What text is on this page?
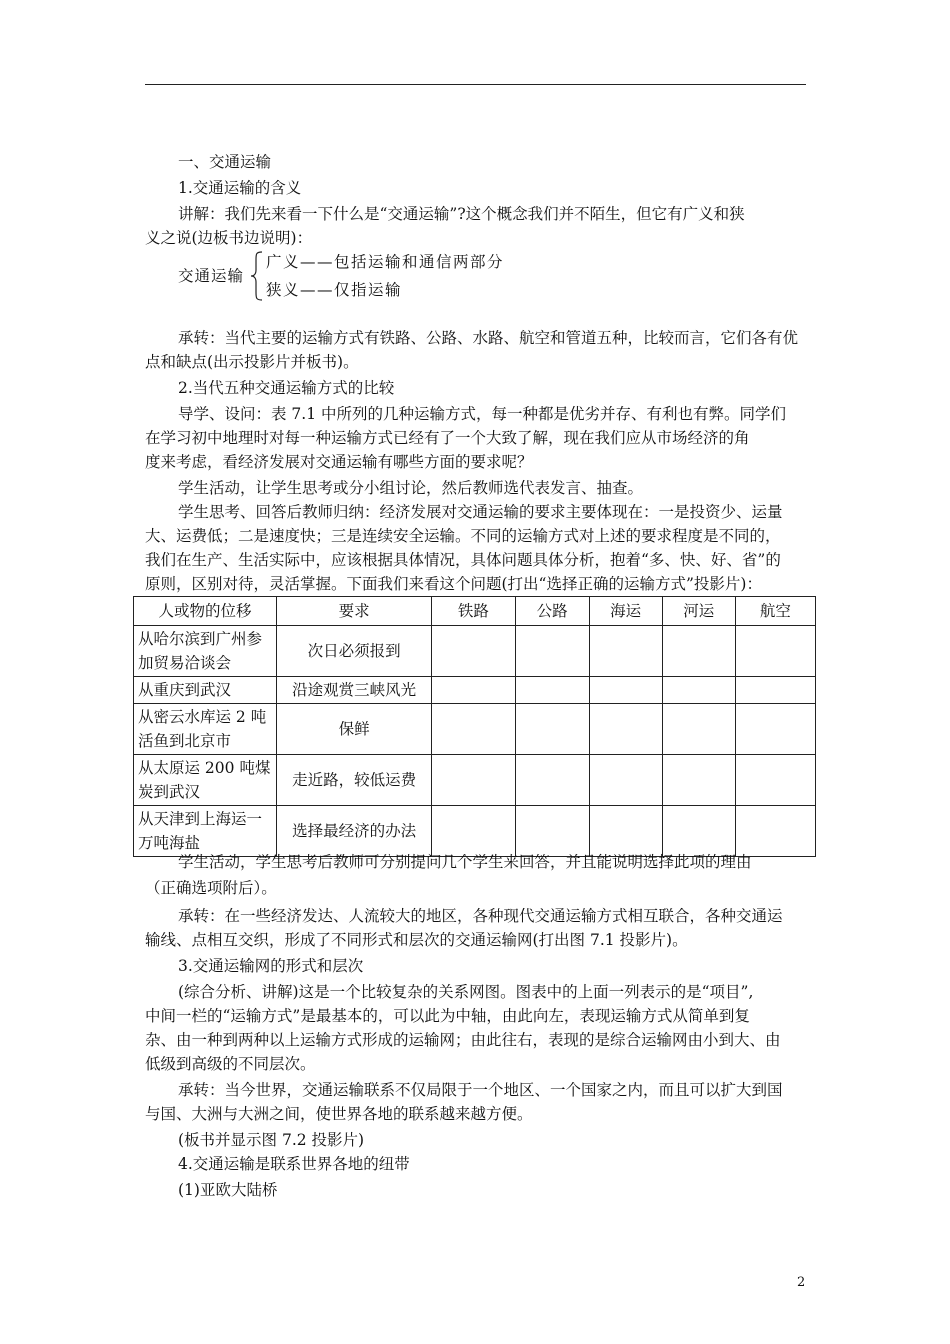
一、交通运输
1.交通运输的含义
讲解：我们先来看一下什么是“交通运输”?这个概念我们并不陌生，但它有广义和狭
义之说(边板书边说明)：
交通运输
广义——包括运输和通信两部分
狭义——仅指运输
承转：当代主要的运输方式有铁路、公路、水路、航空和管道五种，比较而言，它们各有优
点和缺点(出示投影片并板书)。
2.当代五种交通运输方式的比较
导学、设问：表 7.1 中所列的几种运输方式，每一种都是优劣并存、有利也有弊。同学们
在学习初中地理时对每一种运输方式已经有了一个大致了解，现在我们应从市场经济的角
度来考虑，看经济发展对交通运输有哪些方面的要求呢？
学生活动，让学生思考或分小组讨论，然后教师选代表发言、抽查。
学生思考、回答后教师归纳：经济发展对交通运输的要求主要体现在：一是投资少、运量
大、运费低；二是速度快；三是连续安全运输。不同的运输方式对上述的要求程度是不同的，
我们在生产、生活实际中，应该根据具体情况，具体问题具体分析，抱着“多、快、好、省”的
原则，区别对待，灵活掌握。下面我们来看这个问题(打出“选择正确的运输方式”投影片)：
人或物的位移	要求	铁路	公路	海运	河运	航空
从哈尔滨到广州参加贸易洽谈会	次日必须报到					
从重庆到武汉	沿途观赏三峡风光					
从密云水库运 2 吨活鱼到北京市	保鲜					
从太原运 200 吨煤炭到武汉	走近路，较低运费					
从天津到上海运一万吨海盐	选择最经济的办法					
学生活动，学生思考后教师可分别提问几个学生来回答，并且能说明选择此项的理由
（正确选项附后）。
承转：在一些经济发达、人流较大的地区，各种现代交通运输方式相互联合，各种交通运
输线、点相互交织，形成了不同形式和层次的交通运输网(打出图 7.1 投影片)。
3.交通运输网的形式和层次
(综合分析、讲解)这是一个比较复杂的关系网图。图表中的上面一列表示的是“项目”,
中间一栏的“运输方式”是最基本的，可以此为中轴，由此向左，表现运输方式从简单到复
杂、由一种到两种以上运输方式形成的运输网；由此往右，表现的是综合运输网由小到大、由
低级到高级的不同层次。
承转：当今世界，交通运输联系不仅局限于一个地区、一个国家之内，而且可以扩大到国
与国、大洲与大洲之间，使世界各地的联系越来越方便。
(板书并显示图 7.2 投影片)
4.交通运输是联系世界各地的纽带
(1)亚欧大陆桥
2
